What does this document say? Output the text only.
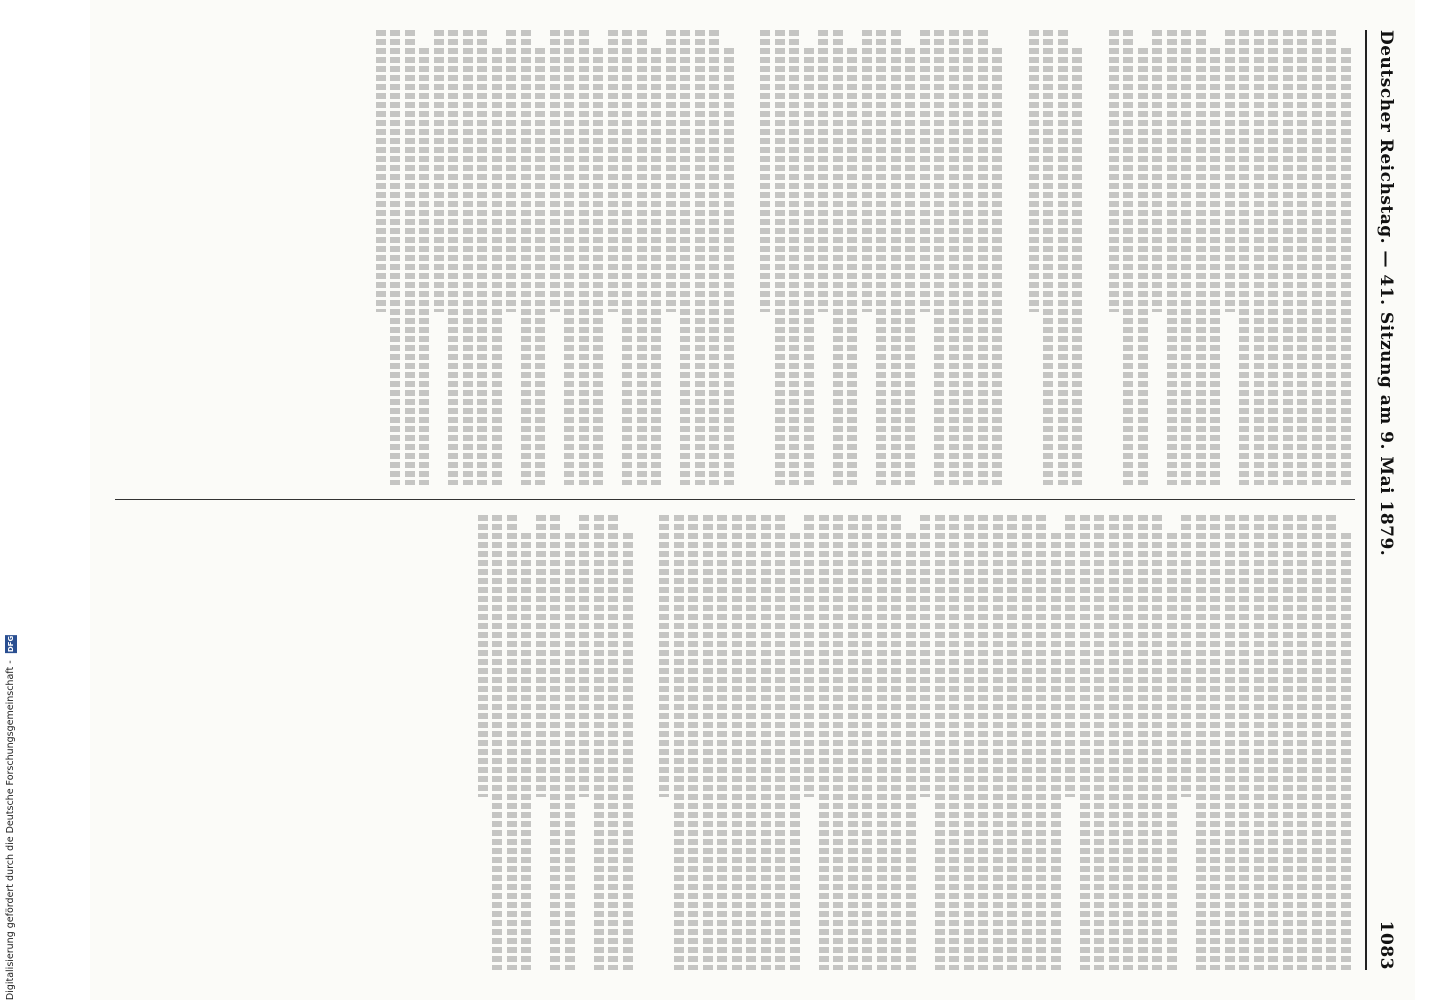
Digitalisierung gefördert durch die Deutsche Forschungsgemeinschaft - DFG
Deutscher Reichstag. — 41. Sitzung am 9. Mai 1879.
1083
